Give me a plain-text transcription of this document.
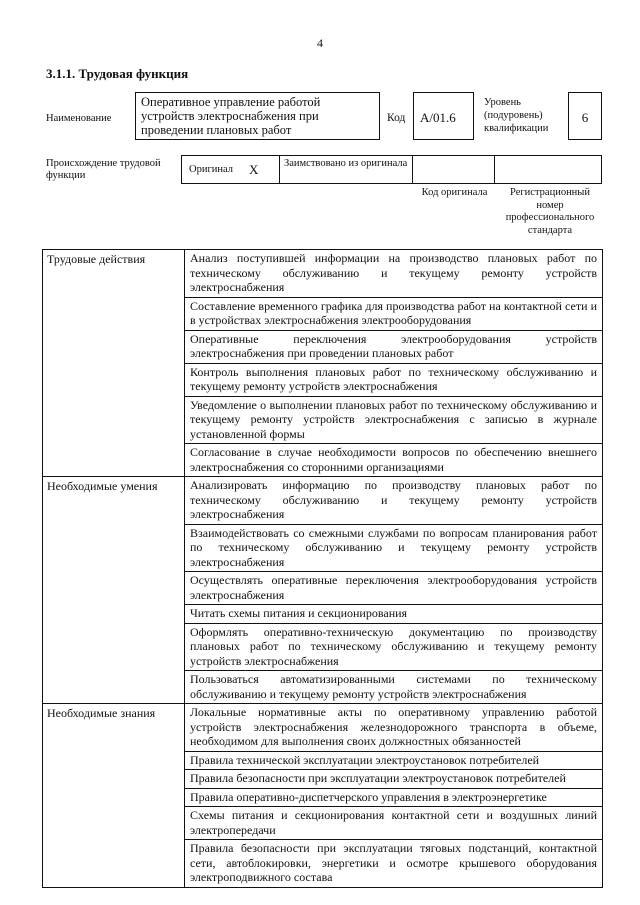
4
3.1.1. Трудовая функция
Наименование
Оперативное управление работой устройств электроснабжения при проведении плановых работ
Код	А/01.6
Уровень (подуровень) квалификации
6
Происхождение трудовой функции
Оригинал Х	Заимствовано из оригинала
Код оригинала	Регистрационный номер профессионального стандарта
Трудовые действия	Анализ поступившей информации на производство плановых работ по техническому обслуживанию и текущему ремонту устройств электроснабжения
	Составление временного графика для производства работ на контактной сети и в устройствах электроснабжения электрооборудования
	Оперативные переключения электрооборудования устройств электроснабжения при проведении плановых работ
	Контроль выполнения плановых работ по техническому обслуживанию и текущему ремонту устройств электроснабжения
	Уведомление о выполнении плановых работ по техническому обслуживанию и текущему ремонту устройств электроснабжения с записью в журнале установленной формы
	Согласование в случае необходимости вопросов по обеспечению внешнего электроснабжения со сторонними организациями
Необходимые умения	Анализировать информацию по производству плановых работ по техническому обслуживанию и текущему ремонту устройств электроснабжения
	Взаимодействовать со смежными службами по вопросам планирования работ по техническому обслуживанию и текущему ремонту устройств электроснабжения
	Осуществлять оперативные переключения электрооборудования устройств электроснабжения
	Читать схемы питания и секционирования
	Оформлять оперативно-техническую документацию по производству плановых работ по техническому обслуживанию и текущему ремонту устройств электроснабжения
	Пользоваться автоматизированными системами по техническому обслуживанию и текущему ремонту устройств электроснабжения
Необходимые знания	Локальные нормативные акты по оперативному управлению работой устройств электроснабжения железнодорожного транспорта в объеме, необходимом для выполнения своих должностных обязанностей
	Правила технической эксплуатации электроустановок потребителей
	Правила безопасности при эксплуатации электроустановок потребителей
	Правила оперативно-диспетчерского управления в электроэнергетике
	Схемы питания и секционирования контактной сети и воздушных линий электропередачи
	Правила безопасности при эксплуатации тяговых подстанций, контактной сети, автоблокировки, энергетики и осмотре крышевого оборудования электроподвижного состава
